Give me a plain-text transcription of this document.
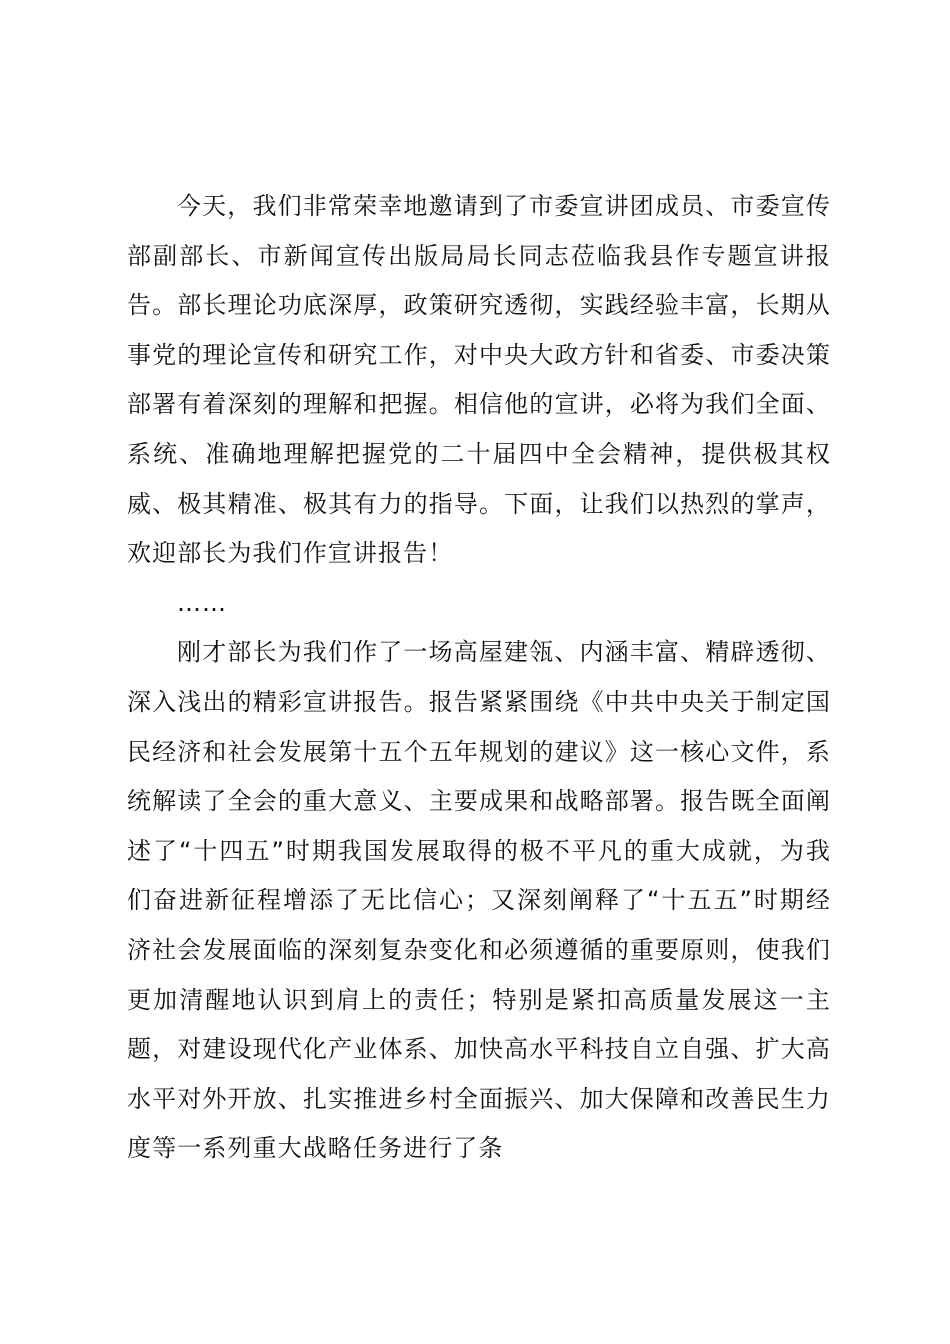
今天，我们非常荣幸地邀请到了市委宣讲团成员、市委宣传部副部长、市新闻宣传出版局局长同志莅临我县作专题宣讲报告。部长理论功底深厚，政策研究透彻，实践经验丰富，长期从事党的理论宣传和研究工作，对中央大政方针和省委、市委决策部署有着深刻的理解和把握。相信他的宣讲，必将为我们全面、系统、准确地理解把握党的二十届四中全会精神，提供极其权威、极其精准、极其有力的指导。下面，让我们以热烈的掌声，欢迎部长为我们作宣讲报告！

……

刚才部长为我们作了一场高屋建瓴、内涵丰富、精辟透彻、深入浅出的精彩宣讲报告。报告紧紧围绕《中共中央关于制定国民经济和社会发展第十五个五年规划的建议》这一核心文件，系统解读了全会的重大意义、主要成果和战略部署。报告既全面阐述了“十四五”时期我国发展取得的极不平凡的重大成就，为我们奋进新征程增添了无比信心；又深刻阐释了“十五五”时期经济社会发展面临的深刻复杂变化和必须遵循的重要原则，使我们更加清醒地认识到肩上的责任；特别是紧扣高质量发展这一主题，对建设现代化产业体系、加快高水平科技自立自强、扩大高水平对外开放、扎实推进乡村全面振兴、加大保障和改善民生力度等一系列重大战略任务进行了条
